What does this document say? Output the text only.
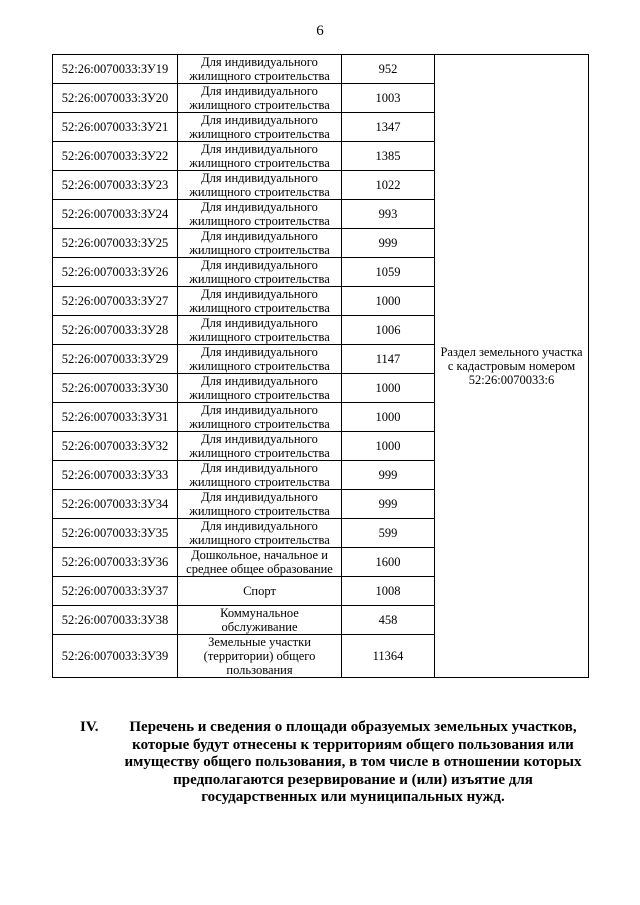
6
52:26:0070033:ЗУ19	Для индивидуального жилищного строительства	952	Раздел земельного участка с кадастровым номером 52:26:0070033:6
52:26:0070033:ЗУ20	Для индивидуального жилищного строительства	1003	
52:26:0070033:ЗУ21	Для индивидуального жилищного строительства	1347	
52:26:0070033:ЗУ22	Для индивидуального жилищного строительства	1385	
52:26:0070033:ЗУ23	Для индивидуального жилищного строительства	1022	
52:26:0070033:ЗУ24	Для индивидуального жилищного строительства	993	
52:26:0070033:ЗУ25	Для индивидуального жилищного строительства	999	
52:26:0070033:ЗУ26	Для индивидуального жилищного строительства	1059	
52:26:0070033:ЗУ27	Для индивидуального жилищного строительства	1000	
52:26:0070033:ЗУ28	Для индивидуального жилищного строительства	1006	
52:26:0070033:ЗУ29	Для индивидуального жилищного строительства	1147	
52:26:0070033:ЗУ30	Для индивидуального жилищного строительства	1000	
52:26:0070033:ЗУ31	Для индивидуального жилищного строительства	1000	
52:26:0070033:ЗУ32	Для индивидуального жилищного строительства	1000	
52:26:0070033:ЗУ33	Для индивидуального жилищного строительства	999	
52:26:0070033:ЗУ34	Для индивидуального жилищного строительства	999	
52:26:0070033:ЗУ35	Для индивидуального жилищного строительства	599	
52:26:0070033:ЗУ36	Дошкольное, начальное и среднее общее образование	1600	
52:26:0070033:ЗУ37	Спорт	1008	
52:26:0070033:ЗУ38	Коммунальное обслуживание	458	
52:26:0070033:ЗУ39	Земельные участки (территории) общего пользования	11364	
IV.	Перечень и сведения о площади образуемых земельных участков, которые будут отнесены к территориям общего пользования или имуществу общего пользования, в том числе в отношении которых предполагаются резервирование и (или) изъятие для государственных или муниципальных нужд.
